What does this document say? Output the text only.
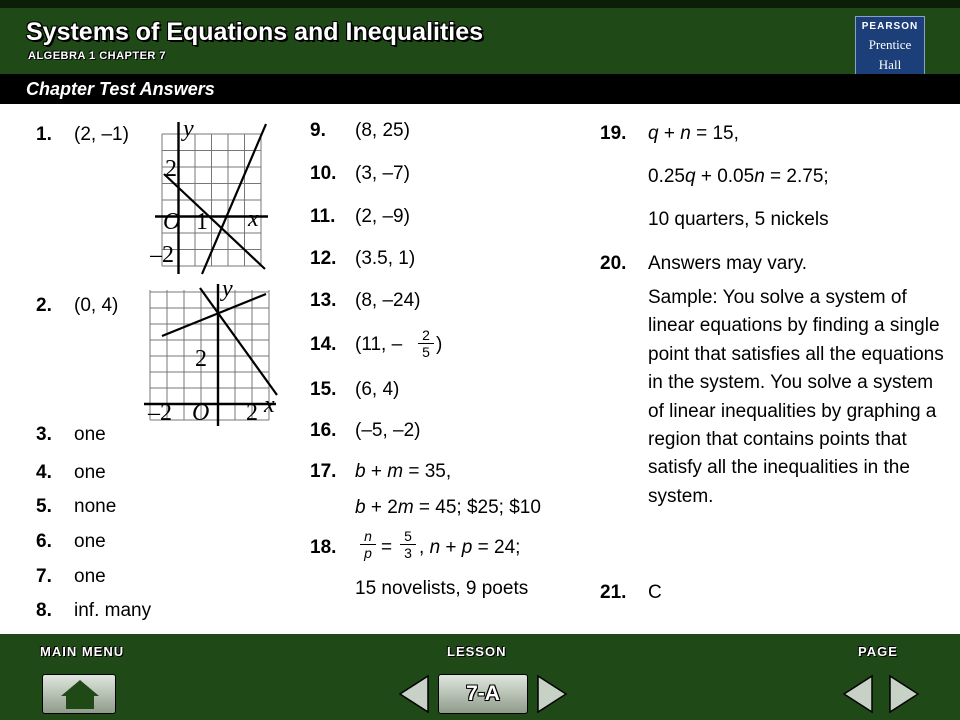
Systems of Equations and Inequalities
ALGEBRA 1 CHAPTER 7
PEARSON
Prentice
Hall
Chapter Test Answers
1. (2, –1) y
x
O
2
1
–2
2. (0, 4)
y
x
O
2
–2	2
3. one
4. one
5. none
6. one
7. one
8. inf. many
9. (8, 25)
10. (3, –7)
11. (2, –9)
12. (3.5, 1)
13. (8, –24)
14. (11, – $\frac{2}{5}$ )
15. (6, 4)
16. (–5, –2)
17. b + m = 35,
b + 2m = 45; $25; $10
18. $\frac{n}{p} = \frac{5}{3}$ , n + p = 24;
15 novelists, 9 poets
19. q + n = 15,
0.25q + 0.05n = 2.75;
10 quarters, 5 nickels
20. Answers may vary.
Sample: You solve a system of linear equations by finding a single point that satisfies all the equations in the system. You solve a system of linear inequalities by graphing a region that contains points that satisfy all the inequalities in the system.
21. C
MAIN MENU	LESSON	PAGE
7-A
